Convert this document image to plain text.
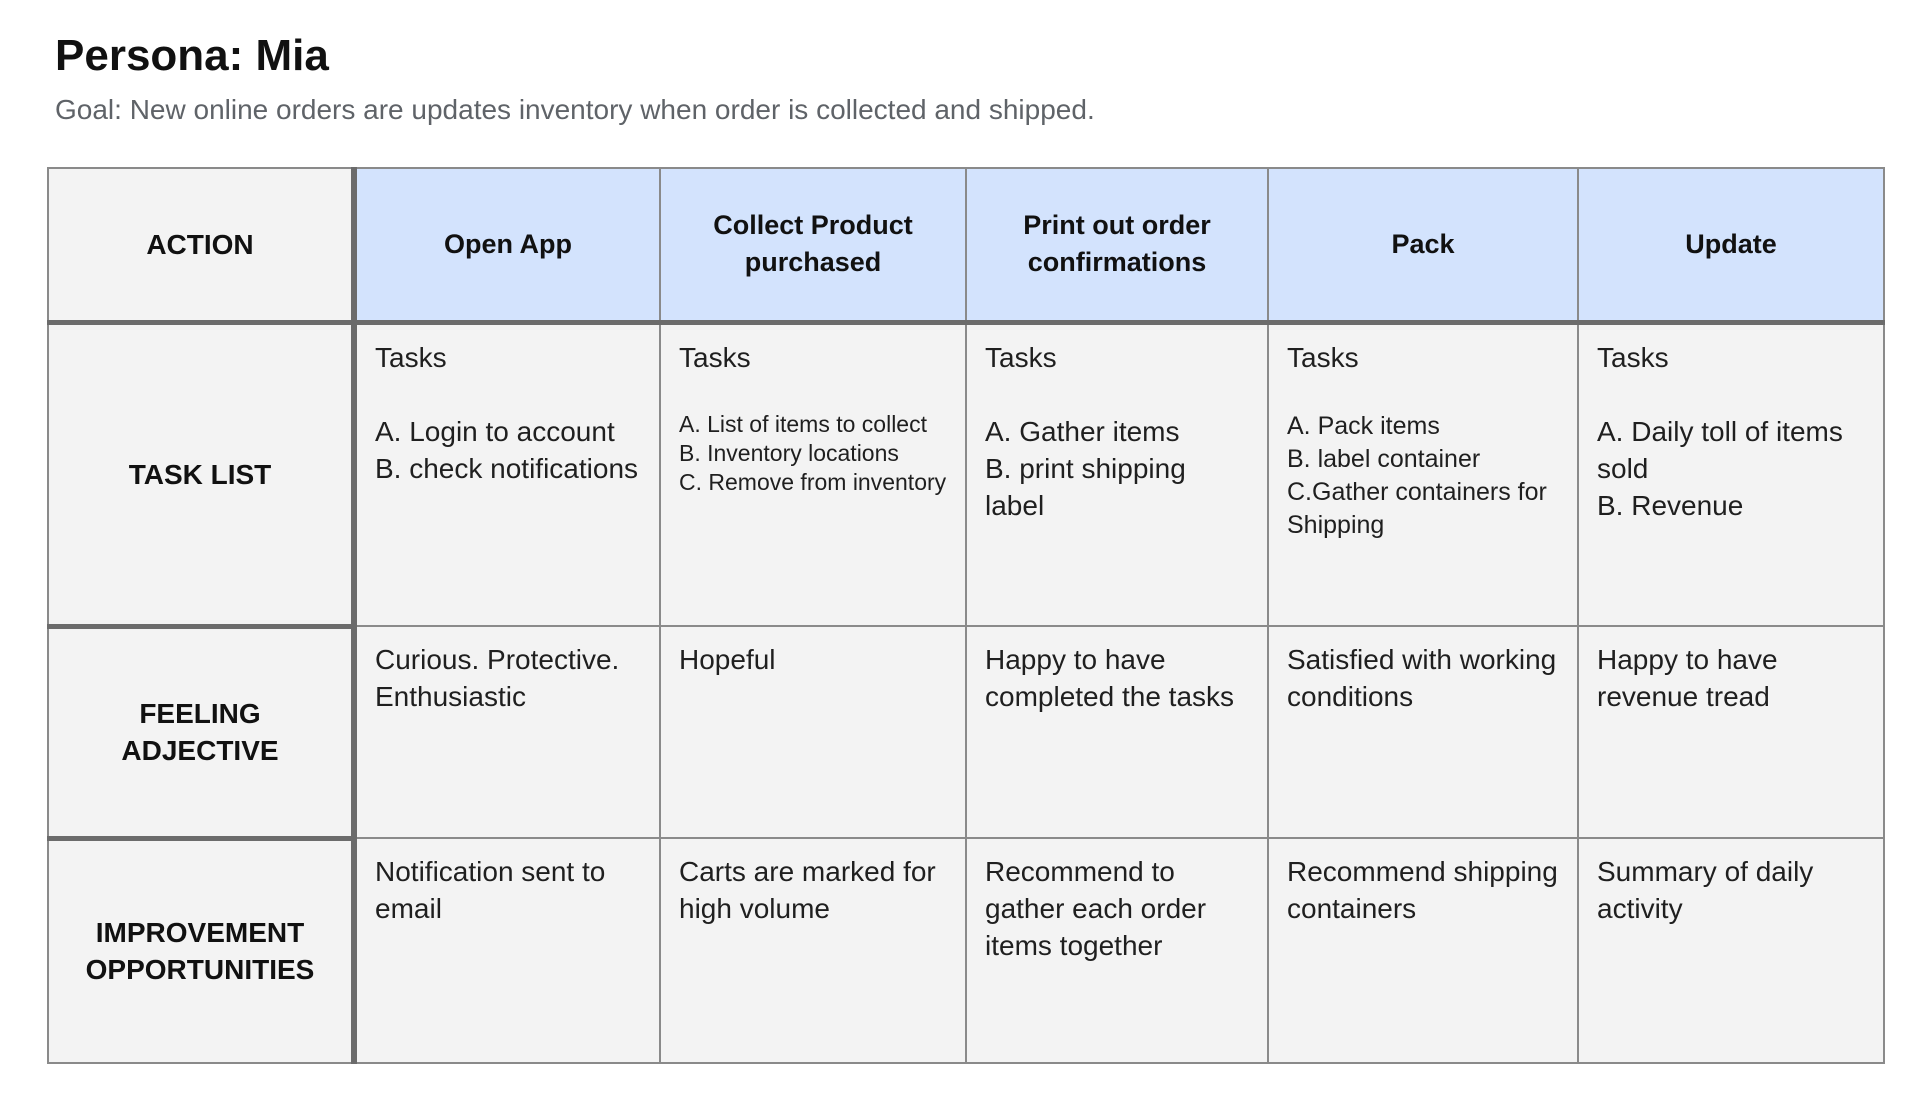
Persona: Mia

Goal: New online orders are updates inventory when order is collected and shipped.

ACTION	Open App	Collect Product purchased	Print out order confirmations	Pack	Update
TASK LIST	Tasks
A. Login to account
B. check notifications	Tasks
A. List of items to collect
B. Inventory locations
C. Remove from inventory	Tasks
A. Gather items
B. print shipping label	Tasks
A. Pack items
B. label container
C.Gather containers for Shipping	Tasks
A. Daily toll of items sold
B. Revenue

FEELING
ADJECTIVE	Curious. Protective. Enthusiastic	Hopeful	Happy to have completed the tasks	Satisfied with working conditions	Happy to have revenue tread
IMPROVEMENT
OPPORTUNITIES	Notification sent to email	Carts are marked for high volume	Recommend to gather each order items together	Recommend shipping containers	Summary of daily activity
